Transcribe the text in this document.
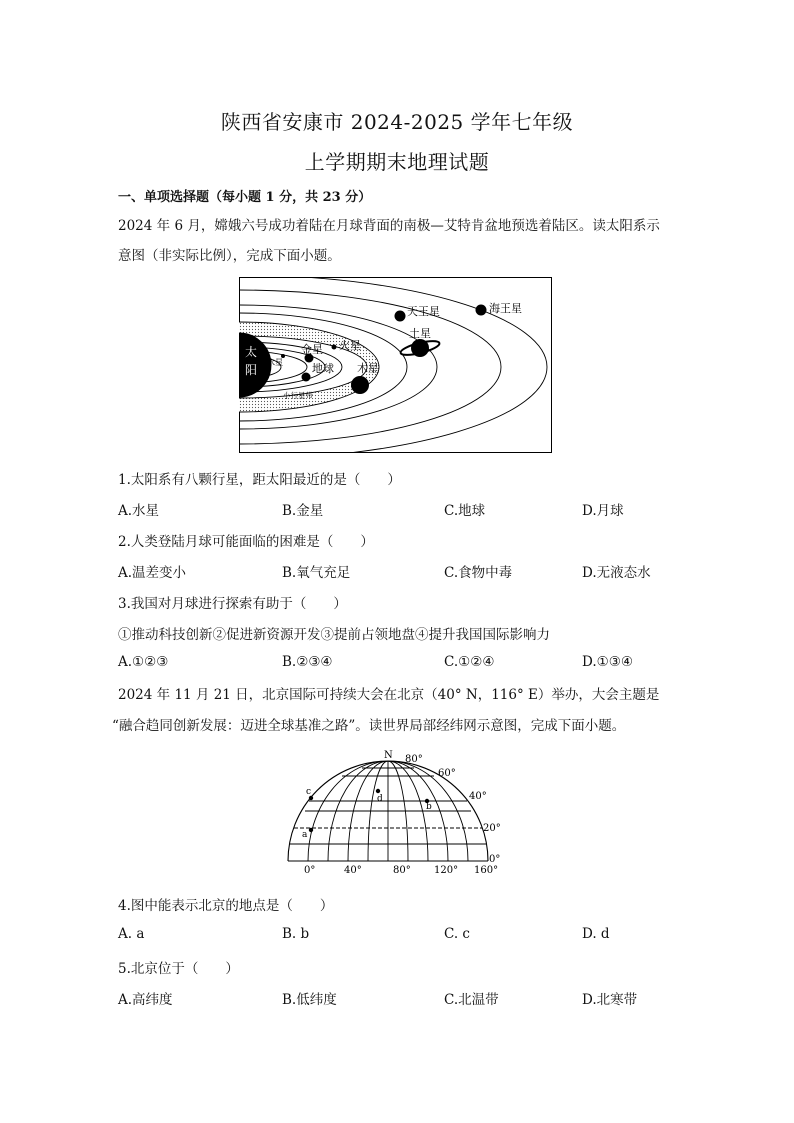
陕西省安康市 2024-2025 学年七年级
上学期期末地理试题
一、单项选择题（每小题 1 分，共 23 分）
2024 年 6 月，嫦娥六号成功着陆在月球背面的南极—艾特肯盆地预选着陆区。读太阳系示
意图（非实际比例），完成下面小题。
太
阳
水星
金星 火星
地球 木星
小行星带
土星
天王星	海王星
1.太阳系有八颗行星，距太阳最近的是（　　）
A.水星	B.金星	C.地球	D.月球
2.人类登陆月球可能面临的困难是（　　）
A.温差变小	B.氧气充足	C.食物中毒	D.无液态水
3.我国对月球进行探索有助于（　　）
①推动科技创新②促进新资源开发③提前占领地盘④提升我国国际影响力
A.①②③	B.②③④	C.①②④	D.①③④
2024 年 11 月 21 日，北京国际可持续大会在北京（40° N，116° E）举办，大会主题是
“融合趋同创新发展：迈进全球基准之路”。读世界局部经纬网示意图，完成下面小题。
N 80°
60°
40°
20°
0°
0°	40°	80° 120° 160°
a
b
c
d
4.图中能表示北京的地点是（　　）
A. a	B. b	C. c	D. d
5.北京位于（　　）
A.高纬度	B.低纬度	C.北温带	D.北寒带
